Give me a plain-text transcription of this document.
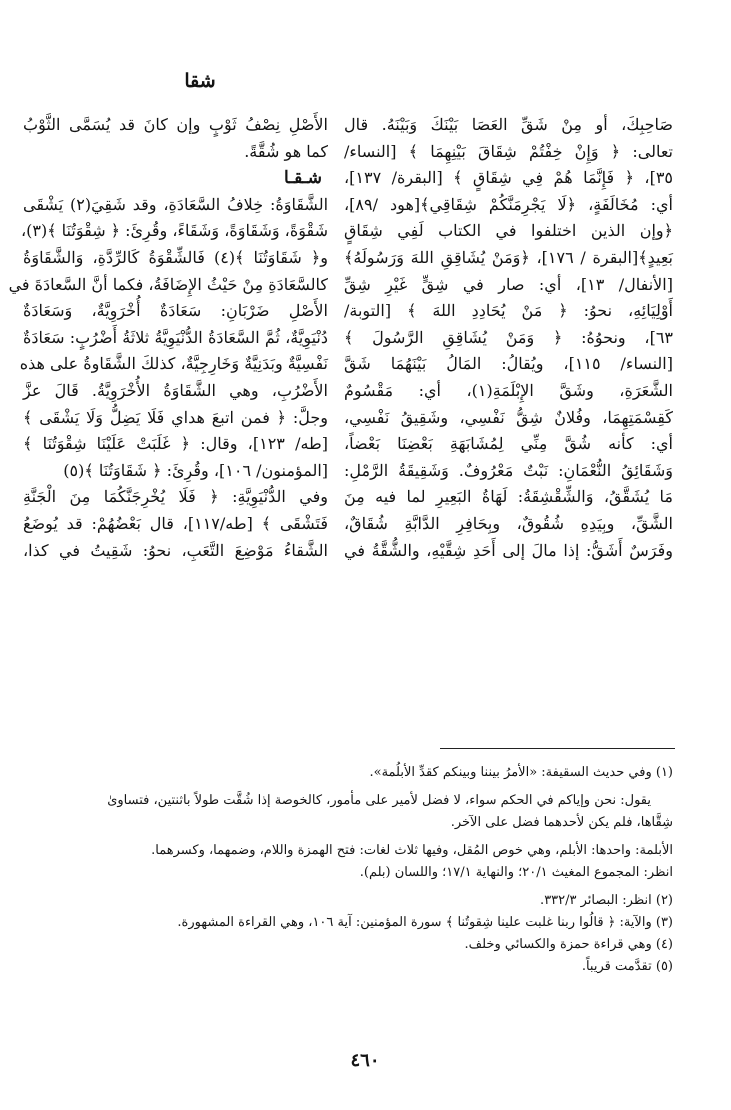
شقا
صَاحِبِكَ، أو مِنْ شَقِّ العَصَا بَيْنَكَ وَبَيْنَهُ. قال
تعالى: ﴿ وَإِنْ خِفْتُمْ شِقَاقَ بَيْنِهِمَا ﴾ [النساء/
٣٥]، ﴿ فَإِنَّمَا هُمْ فِي شِقَاقٍ ﴾ [البقرة/ ١٣٧]،
أي: مُخَالَفَةٍ، ﴿لَا يَجْرِمَنَّكُمْ شِقَاقِي﴾[هود /٨٩]،
﴿وإن الذين اختلفوا في الكتاب لَفِي شِقَاقٍ
بَعِيدٍ﴾[البقرة / ١٧٦]، ﴿وَمَنْ يُشَاقِقِ اللهَ وَرَسُولَهُ﴾
[الأنفال/ ١٣]، أي: صار في شِقٍّ غَيْرِ شِقِّ
أَوْلِيَائِهِ، نحوُ: ﴿ مَنْ يُحَادِدِ اللهَ ﴾ [التوبة/
٦٣]، ونحوُهُ: ﴿ وَمَنْ يُشَاقِقِ الرَّسُولَ ﴾
[النساء/ ١١٥]، ويُقالُ: المَالُ بَيْنَهُمَا شَقَّ
الشَّعَرَةِ، وشَقَّ الإِبْلَمَةِ(١)، أي: مَقْسُومٌ
كَقِسْمَتِهِمَا، وفُلانٌ شِقُّ نَفْسِي، وشَقِيقُ نَفْسِي،
أي: كأنه شُقَّ مِنِّي لِمُشَابَهَةِ بَعْضِنَا بَعْضاً،
وَشَقَائِقُ النُّعْمَانِ: نَبْتٌ مَعْرُوفٌ. وَشَقِيقَةُ الرَّمْلِ:
مَا يُشَقَّقُ، وَالشِّقْشِقَةُ: لَهَاةُ البَعِيرِ لما فيه مِنَ
الشَّقِّ، وبِيَدِهِ شُقُوقٌ، وبِحَافِرِ الدَّابَّةِ شُقَاقٌ،
وفَرَسٌ أَشَقُّ: إذا مالَ إلى أَحَدِ شِقَّيْهِ، والشُّقَّةُ في
الأَصْلِ نِصْفُ ثَوْبٍ وإن كانَ قد يُسَمَّى الثَّوْبُ
كما هو شُقَّةً.
شـقـا
الشَّقَاوَةُ: خِلافُ السَّعَادَةِ، وقد شَقِيَ(٢) يَشْقَى
شَقْوَةً، وَشَقَاوَةً، وَشَقَاءً، وقُرِئَ: ﴿ شِقْوَتُنَا ﴾(٣)،
و﴿ شَقَاوَتُنَا ﴾(٤) فَالشِّقْوَةُ كَالرِّدَّةِ، وَالشَّقَاوَةُ
كالسَّعَادَةِ مِنْ حَيْثُ الإِضَافَةُ، فكما أنَّ السَّعادَةَ في
الأَصْلِ ضَرْبَانِ: سَعَادَةٌ أُخْرَوِيَّةٌ، وَسَعَادَةٌ
دُنْيَوِيَّةٌ، ثُمَّ السَّعَادَةُ الدُّنْيَوِيَّةُ ثلاثَةُ أَضْرُبٍ: سَعَادَةٌ
نَفْسِيَّةٌ وبَدَنِيَّةٌ وَخَارِجِيَّةٌ، كذلكَ الشَّقَاوةُ على هذه
الأَضْرُبِ، وهي الشَّقَاوَةُ الأُخْرَوِيَّةُ. قَالَ عزَّ
وجلَّ: ﴿ فمن اتبعَ هداي فَلَا يَضِلُّ وَلَا يَشْقَى ﴾
[طه/ ١٢٣]، وقال: ﴿ غَلَبَتْ عَلَيْنَا شِقْوَتُنَا ﴾
[المؤمنون/ ١٠٦]، وقُرِئَ: ﴿ شَقَاوَتُنَا ﴾(٥)
وفي الدُّنْيَوِيَّةِ: ﴿ فَلَا يُخْرِجَنَّكُمَا مِنَ الْجَنَّةِ
فَتَشْقَى ﴾ [طه/١١٧]، قال بَعْضُهُمْ: قد يُوضَعُ
الشَّقاءُ مَوْضِعَ التَّعَبِ، نحوُ: شَقِيتُ في كذا،
(١) وفي حديث السقيفة: «الأمرُ بيننا وبينكم كقدِّ الأبلُمة».
يقول: نحن وإياكم في الحكم سواء، لا فضل لأمير على مأمور، كالخوصة إذا شُقَّت طولاً باثنتين، فتساوىٰ
شِقَّاها، فلم يكن لأحدهما فضل على الآخر.
الأبلمة: واحدها: الأبلم، وهي خوص المُقل، وفيها ثلاث لغات: فتح الهمزة واللام، وضمهما، وكسرهما.
انظر: المجموع المغيث ٢٠/١؛ والنهاية ١٧/١؛ واللسان (بلم).
(٢) انظر: البصائر ٣٣٢/٣.
(٣) والآية: ﴿ قالُوا ربنا غلبت علينا شِقوتُنا ﴾ سورة المؤمنين: آية ١٠٦، وهي القراءة المشهورة.
(٤) وهي قراءة حمزة والكسائي وخلف.
(٥) تقدَّمت قريباً.
٤٦٠
